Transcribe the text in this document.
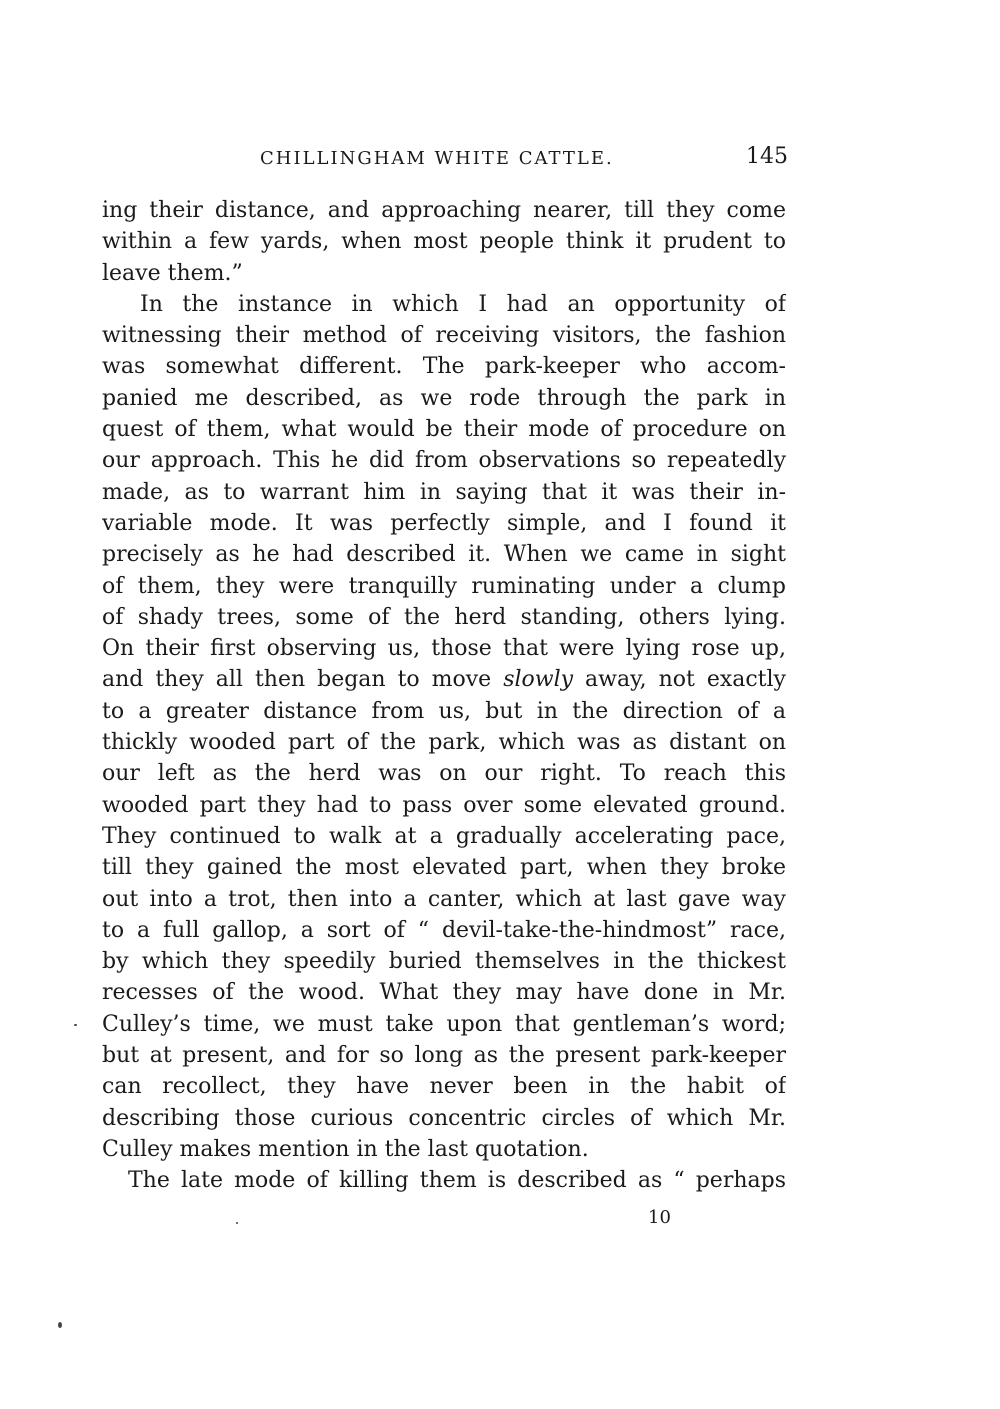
CHILLINGHAM WHITE CATTLE.	145
ing their distance, and approaching nearer, till they come
within a few yards, when most people think it prudent to
leave them.”
In the instance in which I had an opportunity of
witnessing their method of receiving visitors, the fashion
was somewhat different. The park-keeper who accom-
panied me described, as we rode through the park in
quest of them, what would be their mode of procedure on
our approach. This he did from observations so repeatedly
made, as to warrant him in saying that it was their in-
variable mode. It was perfectly simple, and I found it
precisely as he had described it. When we came in sight
of them, they were tranquilly ruminating under a clump
of shady trees, some of the herd standing, others lying.
On their first observing us, those that were lying rose up,
and they all then began to move slowly away, not exactly
to a greater distance from us, but in the direction of a
thickly wooded part of the park, which was as distant on
our left as the herd was on our right. To reach this
wooded part they had to pass over some elevated ground.
They continued to walk at a gradually accelerating pace,
till they gained the most elevated part, when they broke
out into a trot, then into a canter, which at last gave way
to a full gallop, a sort of “ devil-take-the-hindmost” race,
by which they speedily buried themselves in the thickest
recesses of the wood. What they may have done in Mr.
Culley’s time, we must take upon that gentleman’s word;
but at present, and for so long as the present park-keeper
can recollect, they have never been in the habit of
describing those curious concentric circles of which Mr.
Culley makes mention in the last quotation.
The late mode of killing them is described as “ perhaps
10
